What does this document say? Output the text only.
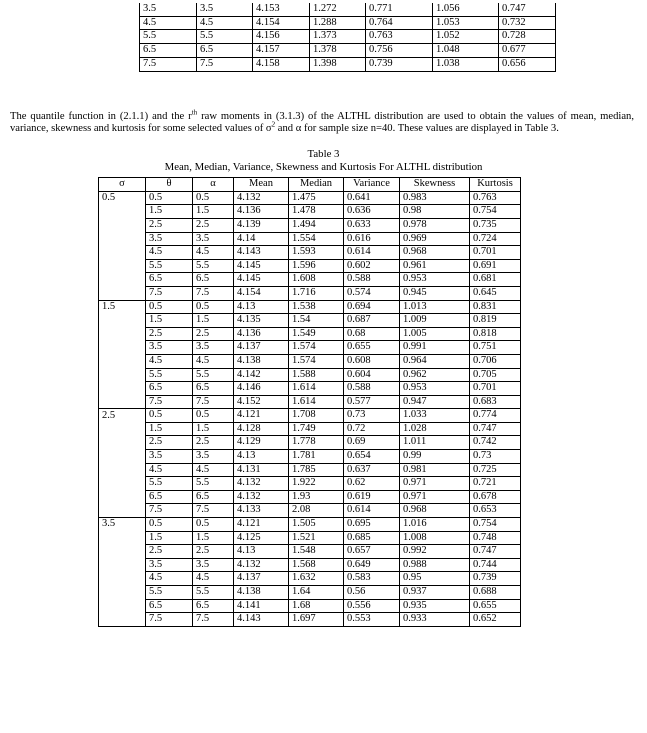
3.5	3.5	4.153	1.272	0.771	1.056	0.747
4.5	4.5	4.154	1.288	0.764	1.053	0.732
5.5	5.5	4.156	1.373	0.763	1.052	0.728
6.5	6.5	4.157	1.378	0.756	1.048	0.677
7.5	7.5	4.158	1.398	0.739	1.038	0.656

The quantile function in (2.1.1) and the $r^{th}$ raw moments in (3.1.3) of the ALTHL distribution are used to obtain the values of mean, median, variance, skewness and kurtosis for some selected values of $\sigma^2$ and α for sample size n=40. These values are displayed in Table 3.

Table 3
Mean, Median, Variance, Skewness and Kurtosis For ALTHL distribution
σ	θ	α	Mean	Median	Variance	Skewness	Kurtosis
0.5	0.5	0.5	4.132	1.475	0.641	0.983	0.763
	1.5	1.5	4.136	1.478	0.636	0.98	0.754
	2.5	2.5	4.139	1.494	0.633	0.978	0.735
	3.5	3.5	4.14	1.554	0.616	0.969	0.724
	4.5	4.5	4.143	1.593	0.614	0.968	0.701
	5.5	5.5	4.145	1.596	0.602	0.961	0.691
	6.5	6.5	4.145	1.608	0.588	0.953	0.681
	7.5	7.5	4.154	1.716	0.574	0.945	0.645
1.5	0.5	0.5	4.13	1.538	0.694	1.013	0.831
	1.5	1.5	4.135	1.54	0.687	1.009	0.819
	2.5	2.5	4.136	1.549	0.68	1.005	0.818
	3.5	3.5	4.137	1.574	0.655	0.991	0.751
	4.5	4.5	4.138	1.574	0.608	0.964	0.706
	5.5	5.5	4.142	1.588	0.604	0.962	0.705
	6.5	6.5	4.146	1.614	0.588	0.953	0.701
	7.5	7.5	4.152	1.614	0.577	0.947	0.683
2.5	0.5	0.5	4.121	1.708	0.73	1.033	0.774
	1.5	1.5	4.128	1.749	0.72	1.028	0.747
	2.5	2.5	4.129	1.778	0.69	1.011	0.742
	3.5	3.5	4.13	1.781	0.654	0.99	0.73
	4.5	4.5	4.131	1.785	0.637	0.981	0.725
	5.5	5.5	4.132	1.922	0.62	0.971	0.721
	6.5	6.5	4.132	1.93	0.619	0.971	0.678
	7.5	7.5	4.133	2.08	0.614	0.968	0.653
3.5	0.5	0.5	4.121	1.505	0.695	1.016	0.754
	1.5	1.5	4.125	1.521	0.685	1.008	0.748
	2.5	2.5	4.13	1.548	0.657	0.992	0.747
	3.5	3.5	4.132	1.568	0.649	0.988	0.744
	4.5	4.5	4.137	1.632	0.583	0.95	0.739
	5.5	5.5	4.138	1.64	0.56	0.937	0.688
	6.5	6.5	4.141	1.68	0.556	0.935	0.655
	7.5	7.5	4.143	1.697	0.553	0.933	0.652
